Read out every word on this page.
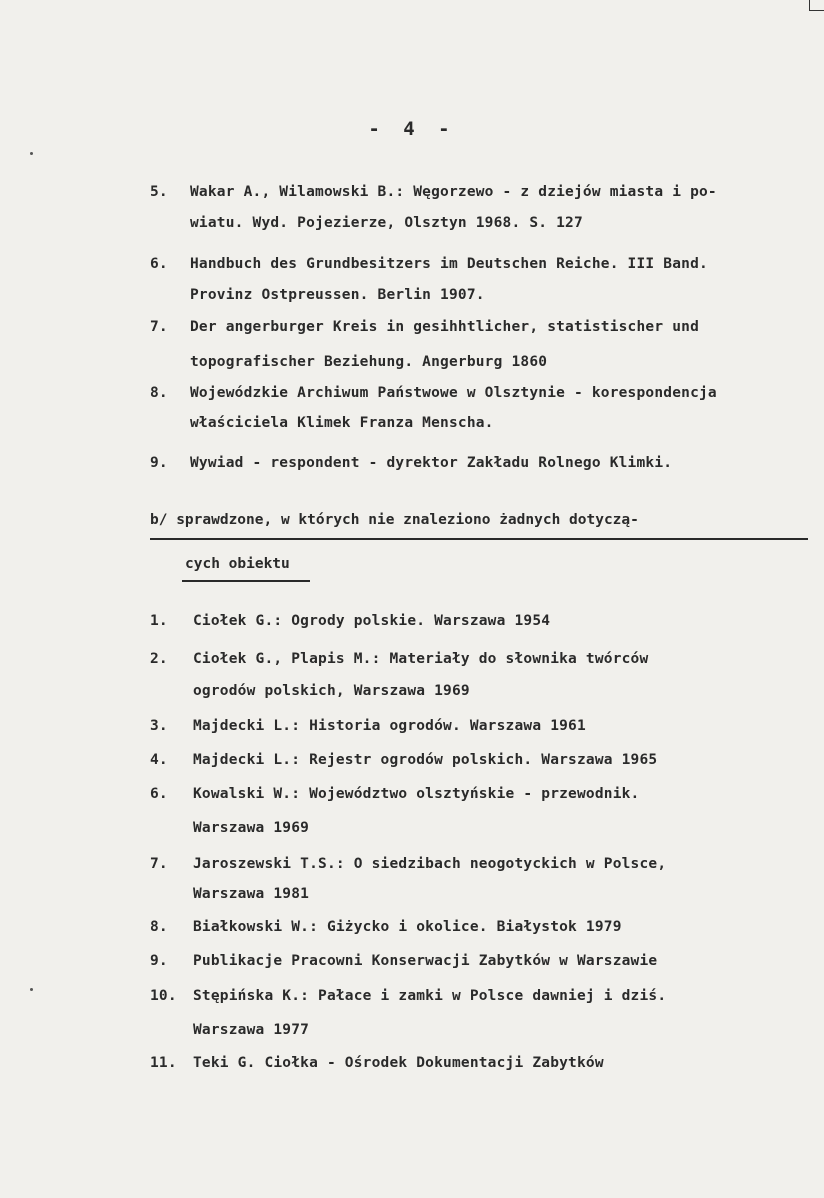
- 4 -
5. Wakar A., Wilamowski B.: Węgorzewo - z dziejów miasta i po-
wiatu. Wyd. Pojezierze, Olsztyn 1968. S. 127
6. Handbuch des Grundbesitzers im Deutschen Reiche. III Band.
Provinz Ostpreussen. Berlin 1907.
7. Der angerburger Kreis in gesihhtlicher, statistischer und
topografischer Beziehung. Angerburg 1860
8. Wojewódzkie Archiwum Państwowe w Olsztynie - korespondencja
właściciela Klimek Franza Menscha.
9. Wywiad - respondent - dyrektor Zakładu Rolnego Klimki.
b/ sprawdzone, w których nie znaleziono żadnych dotyczą-
cych obiektu
1. Ciołek G.: Ogrody polskie. Warszawa 1954
2. Ciołek G., Plapis M.: Materiały do słownika twórców
ogrodów polskich, Warszawa 1969
3. Majdecki L.: Historia ogrodów. Warszawa 1961
4. Majdecki L.: Rejestr ogrodów polskich. Warszawa 1965
6. Kowalski W.: Województwo olsztyńskie - przewodnik.
Warszawa 1969
7. Jaroszewski T.S.: O siedzibach neogotyckich w Polsce,
Warszawa 1981
8. Białkowski W.: Giżycko i okolice. Białystok 1979
9. Publikacje Pracowni Konserwacji Zabytków w Warszawie
10. Stępińska K.: Pałace i zamki w Polsce dawniej i dziś.
Warszawa 1977
11. Teki G. Ciołka - Ośrodek Dokumentacji Zabytków
